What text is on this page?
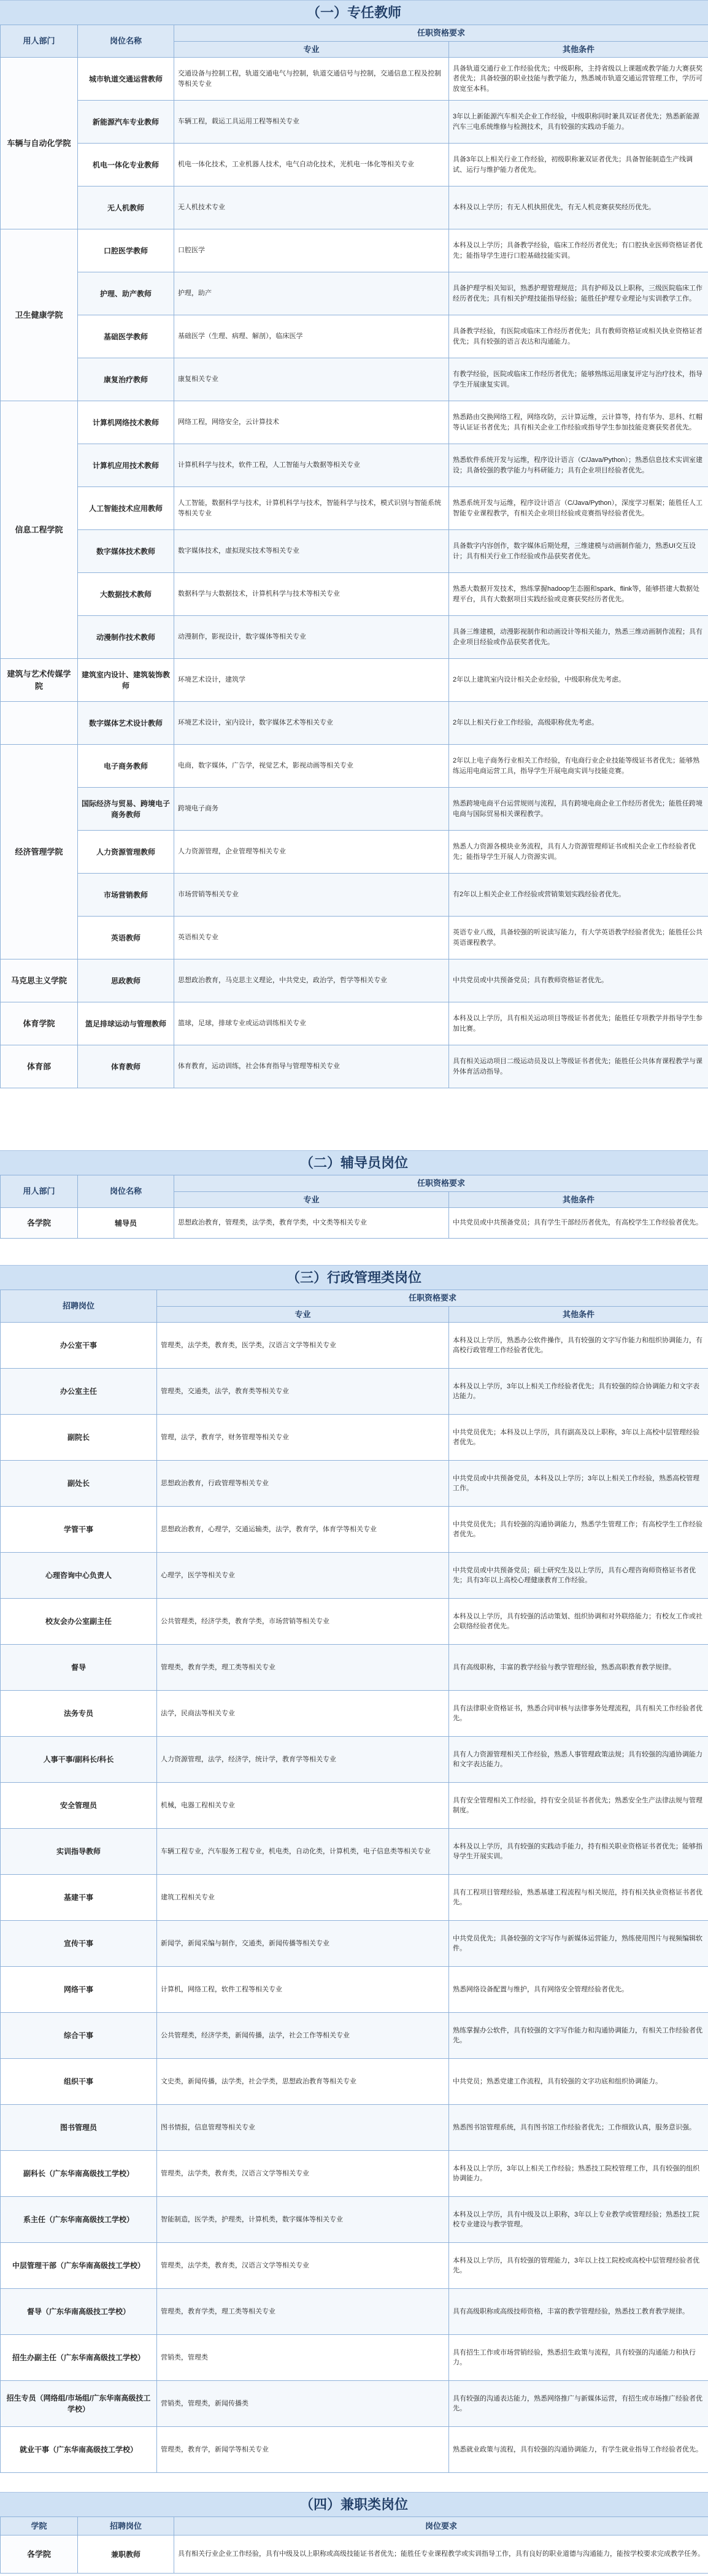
（一）专任教师
用人部门	岗位名称	任职资格要求	
		专业	其他条件
车辆与自动化学院	城市轨道交通运营教师	交通设备与控制工程，轨道交通电气与控制，轨道交通信号与控制，交通信息工程及控制等相关专业	具备轨道交通行业工作经验优先；中级职称，主持省级以上课题或教学能力大赛获奖者优先；具备较强的职业技能与教学能力，熟悉城市轨道交通运营管理工作，学历可放宽至本科。
	新能源汽车专业教师	车辆工程，载运工具运用工程等相关专业	3年以上新能源汽车相关企业工作经验，中级职称同时兼具双证者优先；熟悉新能源汽车三电系统维修与检测技术，具有较强的实践动手能力。
	机电一体化专业教师	机电一体化技术，工业机器人技术，电气自动化技术，光机电一体化等相关专业	具备3年以上相关行业工作经验，初级职称兼双证者优先；具备智能制造生产线调试、运行与维护能力者优先。
	无人机教师	无人机技术专业	本科及以上学历；有无人机执照优先，有无人机竞赛获奖经历优先。
卫生健康学院	口腔医学教师	口腔医学	本科及以上学历；具备教学经验，临床工作经历者优先；有口腔执业医师资格证者优先；能指导学生进行口腔基础技能实训。
	护理、助产教师	护理，助产	具备护理学相关知识，熟悉护理管理规范；具有护师及以上职称，三级医院临床工作经历者优先；具有相关护理技能指导经验；能胜任护理专业理论与实训教学工作。
	基础医学教师	基础医学（生理、病理、解剖），临床医学	具备教学经验，有医院或临床工作经历者优先；具有教师资格证或相关执业资格证者优先；具有较强的语言表达和沟通能力。
	康复治疗教师	康复相关专业	有教学经验，医院或临床工作经历者优先；能够熟练运用康复评定与治疗技术，指导学生开展康复实训。
信息工程学院	计算机网络技术教师	网络工程，网络安全，云计算技术	熟悉路由交换网络工程，网络攻防，云计算运维，云计算等，持有华为、思科、红帽等认证证书者优先；具有相关企业工作经验或指导学生参加技能竞赛获奖者优先。
	计算机应用技术教师	计算机科学与技术，软件工程，人工智能与大数据等相关专业	熟悉软件系统开发与运维，程序设计语言（C/Java/Python）；熟悉信息技术实训室建设；具备较强的教学能力与科研能力；具有企业项目经验者优先。
	人工智能技术应用教师	人工智能，数据科学与技术，计算机科学与技术，智能科学与技术，模式识别与智能系统等相关专业	熟悉系统开发与运维，程序设计语言（C/Java/Python），深度学习框架；能胜任人工智能专业课程教学，有相关企业项目经验或竞赛指导经验者优先。
	数字媒体技术教师	数字媒体技术，虚拟现实技术等相关专业	具备数字内容创作，数字媒体后期处理，三维建模与动画制作能力，熟悉UI交互设计；具有相关行业工作经验或作品获奖者优先。
	大数据技术教师	数据科学与大数据技术，计算机科学与技术等相关专业	熟悉大数据开发技术，熟练掌握hadoop生态圈和spark、flink等，能够搭建大数据处理平台，具有大数据项目实践经验或竞赛获奖经历者优先。
	动漫制作技术教师	动漫制作，影视设计，数字媒体等相关专业	具备三维建模，动漫影视制作和动画设计等相关能力，熟悉三维动画制作流程；具有企业项目经验或作品获奖者优先。
建筑与艺术传媒学院	建筑室内设计、建筑装饰教师	环境艺术设计，建筑学	2年以上建筑室内设计相关企业经验，中级职称优先考虑。
	数字媒体艺术设计教师	环境艺术设计，室内设计，数字媒体艺术等相关专业	2年以上相关行业工作经验，高级职称优先考虑。
经济管理学院	电子商务教师	电商，数字媒体，广告学，视觉艺术，影视动画等相关专业	2年以上电子商务行业相关工作经验，有电商行业企业技能等级证书者优先；能够熟练运用电商运营工具，指导学生开展电商实训与技能竞赛。
	国际经济与贸易、跨境电子商务教师	跨境电子商务	熟悉跨境电商平台运营规则与流程，具有跨境电商企业工作经历者优先；能胜任跨境电商与国际贸易相关课程教学。
	人力资源管理教师	人力资源管理，企业管理等相关专业	熟悉人力资源各模块业务流程，具有人力资源管理师证书或相关企业工作经验者优先；能指导学生开展人力资源实训。
	市场营销教师	市场营销等相关专业	有2年以上相关企业工作经验或营销策划实践经验者优先。
	英语教师	英语相关专业	英语专业八级，具备较强的听说读写能力，有大学英语教学经验者优先；能胜任公共英语课程教学。
马克思主义学院	思政教师	思想政治教育，马克思主义理论，中共党史，政治学，哲学等相关专业	中共党员或中共预备党员；具有教师资格证者优先。
体育学院	篮足排球运动与管理教师	篮球，足球，排球专业或运动训练相关专业	本科及以上学历，具有相关运动项目等级证书者优先；能胜任专项教学并指导学生参加比赛。
体育部	体育教师	体育教育，运动训练，社会体育指导与管理等相关专业	具有相关运动项目二级运动员及以上等级证书者优先；能胜任公共体育课程教学与课外体育活动指导。
（二）辅导员岗位
用人部门	岗位名称	任职资格要求	
		专业	其他条件
各学院	辅导员	思想政治教育，管理类，法学类，教育学类，中文类等相关专业	中共党员或中共预备党员；具有学生干部经历者优先，有高校学生工作经验者优先。
（三）行政管理类岗位
招聘岗位	任职资格要求	
	专业	其他条件
办公室干事	管理类，法学类，教育类，医学类，汉语言文学等相关专业	本科及以上学历，熟悉办公软件操作，具有较强的文字写作能力和组织协调能力，有高校行政管理工作经验者优先。
办公室主任	管理类，交通类，法学，教育类等相关专业	本科及以上学历，3年以上相关工作经验者优先；具有较强的综合协调能力和文字表达能力。
副院长	管理，法学，教育学，财务管理等相关专业	中共党员优先；本科及以上学历，具有副高及以上职称，3年以上高校中层管理经验者优先。
副处长	思想政治教育，行政管理等相关专业	中共党员或中共预备党员，本科及以上学历；3年以上相关工作经验，熟悉高校管理工作。
学管干事	思想政治教育，心理学，交通运输类，法学，教育学，体育学等相关专业	中共党员优先；具有较强的沟通协调能力，熟悉学生管理工作；有高校学生工作经验者优先。
心理咨询中心负责人	心理学，医学等相关专业	中共党员或中共预备党员；硕士研究生及以上学历，具有心理咨询师资格证书者优先；具有3年以上高校心理健康教育工作经验。
校友会办公室副主任	公共管理类，经济学类，教育学类，市场营销等相关专业	本科及以上学历，具有较强的活动策划、组织协调和对外联络能力；有校友工作或社会联络经验者优先。
督导	管理类，教育学类，理工类等相关专业	具有高级职称，丰富的教学经验与教学管理经验，熟悉高职教育教学规律。
法务专员	法学，民商法等相关专业	具有法律职业资格证书，熟悉合同审核与法律事务处理流程，具有相关工作经验者优先。
人事干事/副科长/科长	人力资源管理，法学，经济学，统计学，教育学等相关专业	具有人力资源管理相关工作经验，熟悉人事管理政策法规；具有较强的沟通协调能力和文字表达能力。
安全管理员	机械，电器工程相关专业	具有安全管理相关工作经验，持有安全员证书者优先；熟悉安全生产法律法规与管理制度。
实训指导教师	车辆工程专业，汽车服务工程专业，机电类，自动化类，计算机类，电子信息类等相关专业	本科及以上学历，具有较强的实践动手能力，持有相关职业资格证书者优先；能够指导学生开展实训。
基建干事	建筑工程相关专业	具有工程项目管理经验，熟悉基建工程流程与相关规范，持有相关执业资格证书者优先。
宣传干事	新闻学，新闻采编与制作，交通类，新闻传播等相关专业	中共党员优先；具备较强的文字写作与新媒体运营能力，熟练使用图片与视频编辑软件。
网络干事	计算机，网络工程，软件工程等相关专业	熟悉网络设备配置与维护，具有网络安全管理经验者优先。
综合干事	公共管理类，经济学类，新闻传播，法学，社会工作等相关专业	熟练掌握办公软件，具有较强的文字写作能力和沟通协调能力，有相关工作经验者优先。
组织干事	文史类，新闻传播，法学类，社会学类，思想政治教育等相关专业	中共党员；熟悉党建工作流程，具有较强的文字功底和组织协调能力。
图书管理员	图书情报，信息管理等相关专业	熟悉图书馆管理系统，具有图书馆工作经验者优先；工作细致认真，服务意识强。
副科长（广东华南高级技工学校）	管理类，法学类，教育类，汉语言文学等相关专业	本科及以上学历，3年以上相关工作经验；熟悉技工院校管理工作，具有较强的组织协调能力。
系主任（广东华南高级技工学校）	智能制造，医学类，护理类，计算机类，数字媒体等相关专业	本科及以上学历，具有中级及以上职称，3年以上专业教学或管理经验；熟悉技工院校专业建设与教学管理。
中层管理干部（广东华南高级技工学校）	管理类，法学类，教育类，汉语言文学等相关专业	本科及以上学历，具有较强的管理能力，3年以上技工院校或高校中层管理经验者优先。
督导（广东华南高级技工学校）	管理类，教育学类，理工类等相关专业	具有高级职称或高级技师资格，丰富的教学管理经验，熟悉技工教育教学规律。
招生办副主任（广东华南高级技工学校）	营销类，管理类	具有招生工作或市场营销经验，熟悉招生政策与流程，具有较强的沟通能力和执行力。
招生专员（网络组/市场组/广东华南高级技工学校）	营销类，管理类，新闻传播类	具有较强的沟通表达能力，熟悉网络推广与新媒体运营，有招生或市场推广经验者优先。
就业干事（广东华南高级技工学校）	管理类，教育学，新闻学等相关专业	熟悉就业政策与流程，具有较强的沟通协调能力，有学生就业指导工作经验者优先。
（四）兼职类岗位
学院	招聘岗位	岗位要求
各学院	兼职教师	具有相关行业企业工作经验，具有中级及以上职称或高级技能证书者优先；能胜任专业课程教学或实训指导工作，具有良好的职业道德与沟通能力，能按学校要求完成教学任务。
